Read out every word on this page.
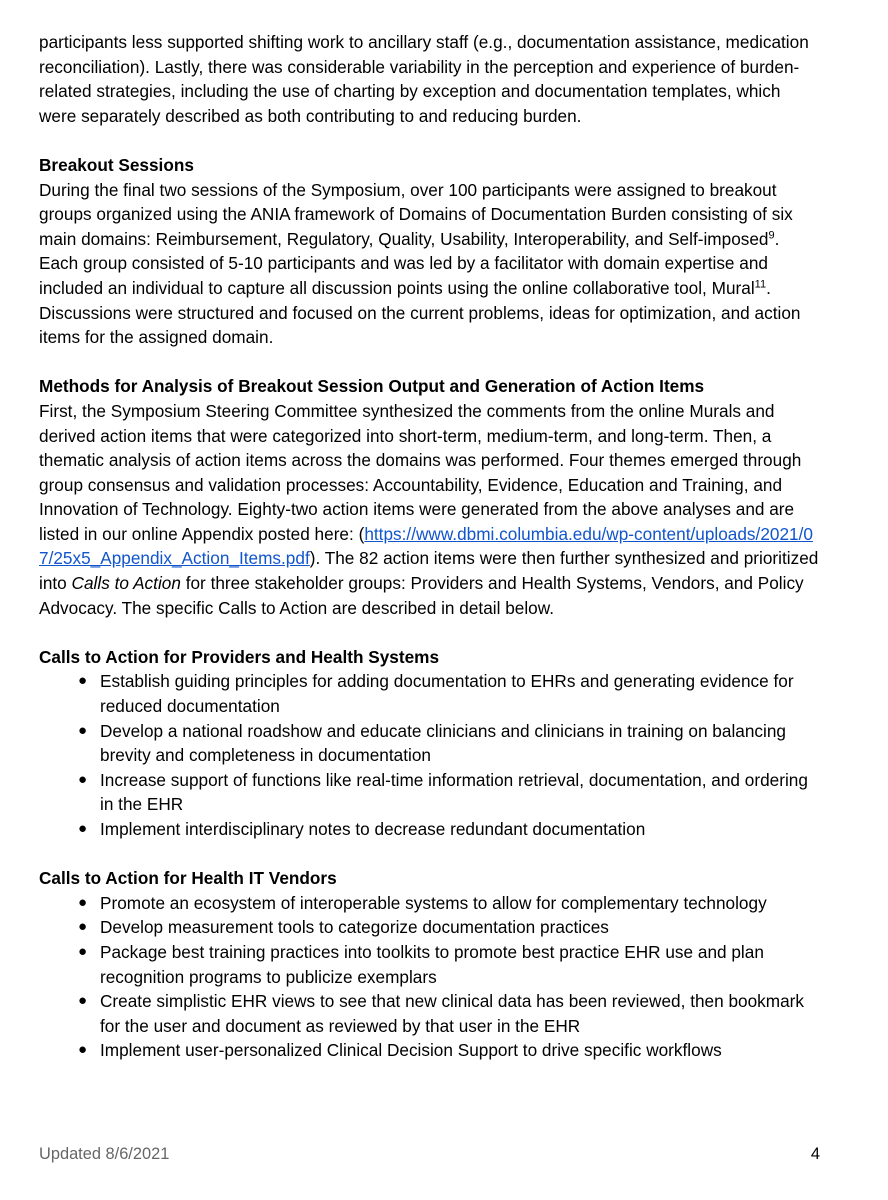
participants less supported shifting work to ancillary staff (e.g., documentation assistance, medication reconciliation). Lastly, there was considerable variability in the perception and experience of burden-related strategies, including the use of charting by exception and documentation templates, which were separately described as both contributing to and reducing burden.

Breakout Sessions

During the final two sessions of the Symposium, over 100 participants were assigned to breakout groups organized using the ANIA framework of Domains of Documentation Burden consisting of six main domains: Reimbursement, Regulatory, Quality, Usability, Interoperability, and Self-imposed$^9$. Each group consisted of 5-10 participants and was led by a facilitator with domain expertise and included an individual to capture all discussion points using the online collaborative tool, Mural$^{11}$. Discussions were structured and focused on the current problems, ideas for optimization, and action items for the assigned domain.

Methods for Analysis of Breakout Session Output and Generation of Action Items

First, the Symposium Steering Committee synthesized the comments from the online Murals and derived action items that were categorized into short-term, medium-term, and long-term. Then, a thematic analysis of action items across the domains was performed. Four themes emerged through group consensus and validation processes: Accountability, Evidence, Education and Training, and Innovation of Technology. Eighty-two action items were generated from the above analyses and are listed in our online Appendix posted here: (https://www.dbmi.columbia.edu/wp-content/uploads/2021/07/25x5_Appendix_Action_Items.pdf). The 82 action items were then further synthesized and prioritized into Calls to Action for three stakeholder groups: Providers and Health Systems, Vendors, and Policy Advocacy. The specific Calls to Action are described in detail below.

Calls to Action for Providers and Health Systems
● Establish guiding principles for adding documentation to EHRs and generating evidence for reduced documentation
● Develop a national roadshow and educate clinicians and clinicians in training on balancing brevity and completeness in documentation
● Increase support of functions like real-time information retrieval, documentation, and ordering in the EHR
● Implement interdisciplinary notes to decrease redundant documentation
Calls to Action for Health IT Vendors
● Promote an ecosystem of interoperable systems to allow for complementary technology
● Develop measurement tools to categorize documentation practices
● Package best training practices into toolkits to promote best practice EHR use and plan recognition programs to publicize exemplars
● Create simplistic EHR views to see that new clinical data has been reviewed, then bookmark for the user and document as reviewed by that user in the EHR
● Implement user-personalized Clinical Decision Support to drive specific workflows
Updated 8/6/2021	4
